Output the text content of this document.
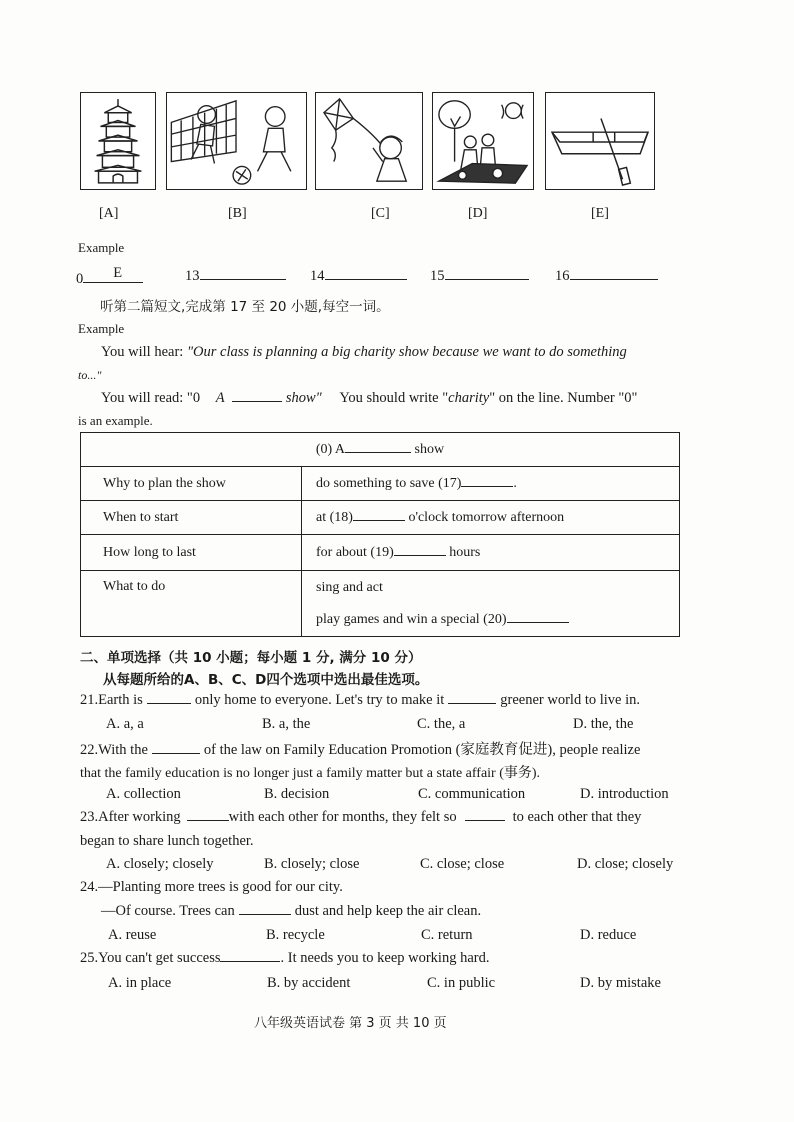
[A]	[B]	[C]	[D]	[E]
Example
0 E	13	14	15	16
听第二篇短文,完成第 17 至 20 小题,每空一词。
Example
You will hear: "Our class is planning a big charity show because we want to do something
to..."
You will read: "0 A	show" You should write "charity" on the line. Number "0"
is an example.
(0) A show	
Why to plan the show	do something to save (17) .
When to start	at (18) o'clock tomorrow afternoon
How long to last	for about (19) hours
What to do	sing and act
play games and win a special (20)
二、单项选择（共 10 小题；每小题 1 分, 满分 10 分）
从每题所给的A、B、C、D四个选项中选出最佳选项。
21.Earth is	only home to everyone. Let's try to make it	greener world to live in.
A. a, a	B. a, the	C. the, a	D. the, the
22.With the	of the law on Family Education Promotion (家庭教育促进), people realize
that the family education is no longer just a family matter but a state affair (事务).
A. collection	B. decision	C. communication	D. introduction
23.After working	with each other for months, they felt so	to each other that they
began to share lunch together.
A. closely; closely	B. closely; close	C. close; close	D. close; closely
24.—Planting more trees is good for our city.
—Of course. Trees can	dust and help keep the air clean.
A. reuse	B. recycle	C. return	D. reduce
25.You can't get success	. It needs you to keep working hard.
A. in place	B. by accident	C. in public	D. by mistake
八年级英语试卷 第 3 页 共 10 页
